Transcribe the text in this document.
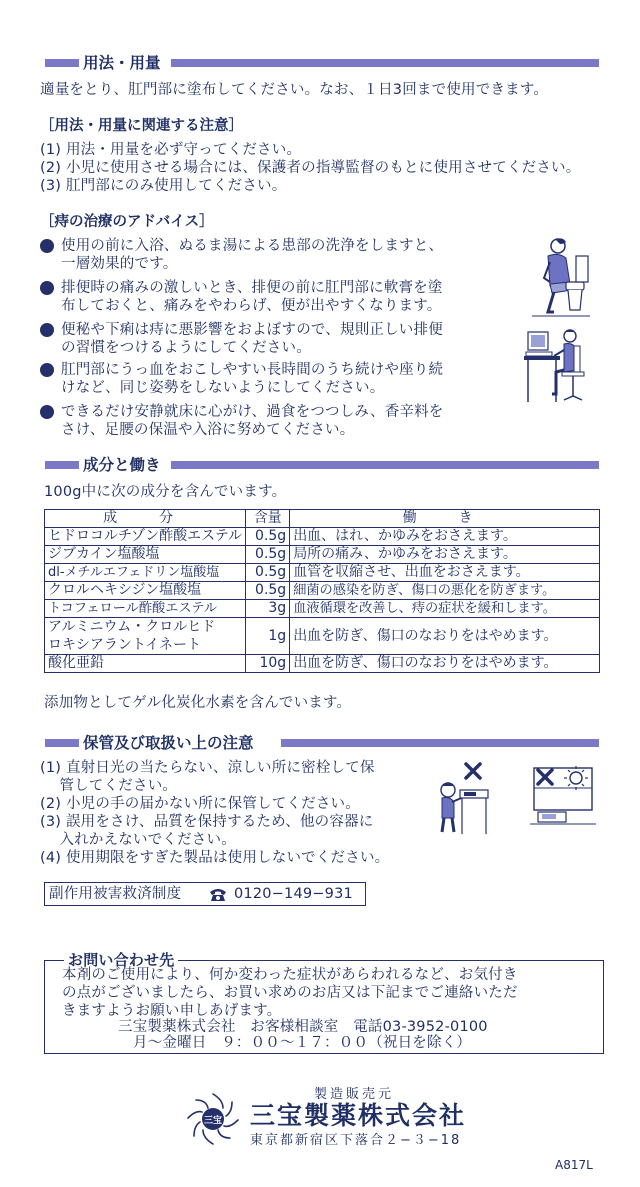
用法・用量
適量をとり、肛門部に塗布してください。なお、１日3回まで使用できます。
［用法・用量に関連する注意］
(1) 用法・用量を必ず守ってください。
(2) 小児に使用させる場合には、保護者の指導監督のもとに使用させてください。
(3) 肛門部にのみ使用してください。
［痔の治療のアドバイス］
使用の前に入浴、ぬるま湯による患部の洗浄をしますと、
一層効果的です。
排便時の痛みの激しいとき、排便の前に肛門部に軟膏を塗
布しておくと、痛みをやわらげ、便が出やすくなります。
便秘や下痢は痔に悪影響をおよぼすので、規則正しい排便
の習慣をつけるようにしてください。
肛門部にうっ血をおこしやすい長時間のうち続けや座り続
けなど、同じ姿勢をしないようにしてください。
できるだけ安静就床に心がけ、過食をつつしみ、香辛料を
さけ、足腰の保温や入浴に努めてください。
成分と働き
100g中に次の成分を含んでいます。
成　分	含量	働　き
ヒドロコルチゾン酢酸エステル	0.5g	出血、はれ、かゆみをおさえます。
ジブカイン塩酸塩	0.5g	局所の痛み、かゆみをおさえます。
dl-メチルエフェドリン塩酸塩	0.5g	血管を収縮させ、出血をおさえます。
クロルヘキシジン塩酸塩	0.5g	細菌の感染を防ぎ、傷口の悪化を防ぎます。
トコフェロール酢酸エステル	3g	血液循環を改善し、痔の症状を緩和します。
アルミニウム・クロルヒド
ロキシアラントイネート	1g	出血を防ぎ、傷口のなおりをはやめます。
酸化亜鉛	10g	出血を防ぎ、傷口のなおりをはやめます。
添加物としてゲル化炭化水素を含んでいます。
保管及び取扱い上の注意
(1) 直射日光の当たらない、涼しい所に密栓して保
　 管してください。
(2) 小児の手の届かない所に保管してください。
(3) 誤用をさけ、品質を保持するため、他の容器に
　 入れかえないでください。
(4) 使用期限をすぎた製品は使用しないでください。
副作用被害救済制度	0120−149−931
お問い合わせ先
本剤のご使用により、何か変わった症状があらわれるなど、お気付き
の点がございましたら、お買い求めのお店又は下記までご連絡いただ
きますようお願い申しあげます。
三宝製薬株式会社　お客様相談室　電話03-3952-0100
月〜金曜日　９：００〜１７：００（祝日を除く）
三宝
製造販売元
三宝製薬株式会社
東京都新宿区下落合２−３−18
A817L
